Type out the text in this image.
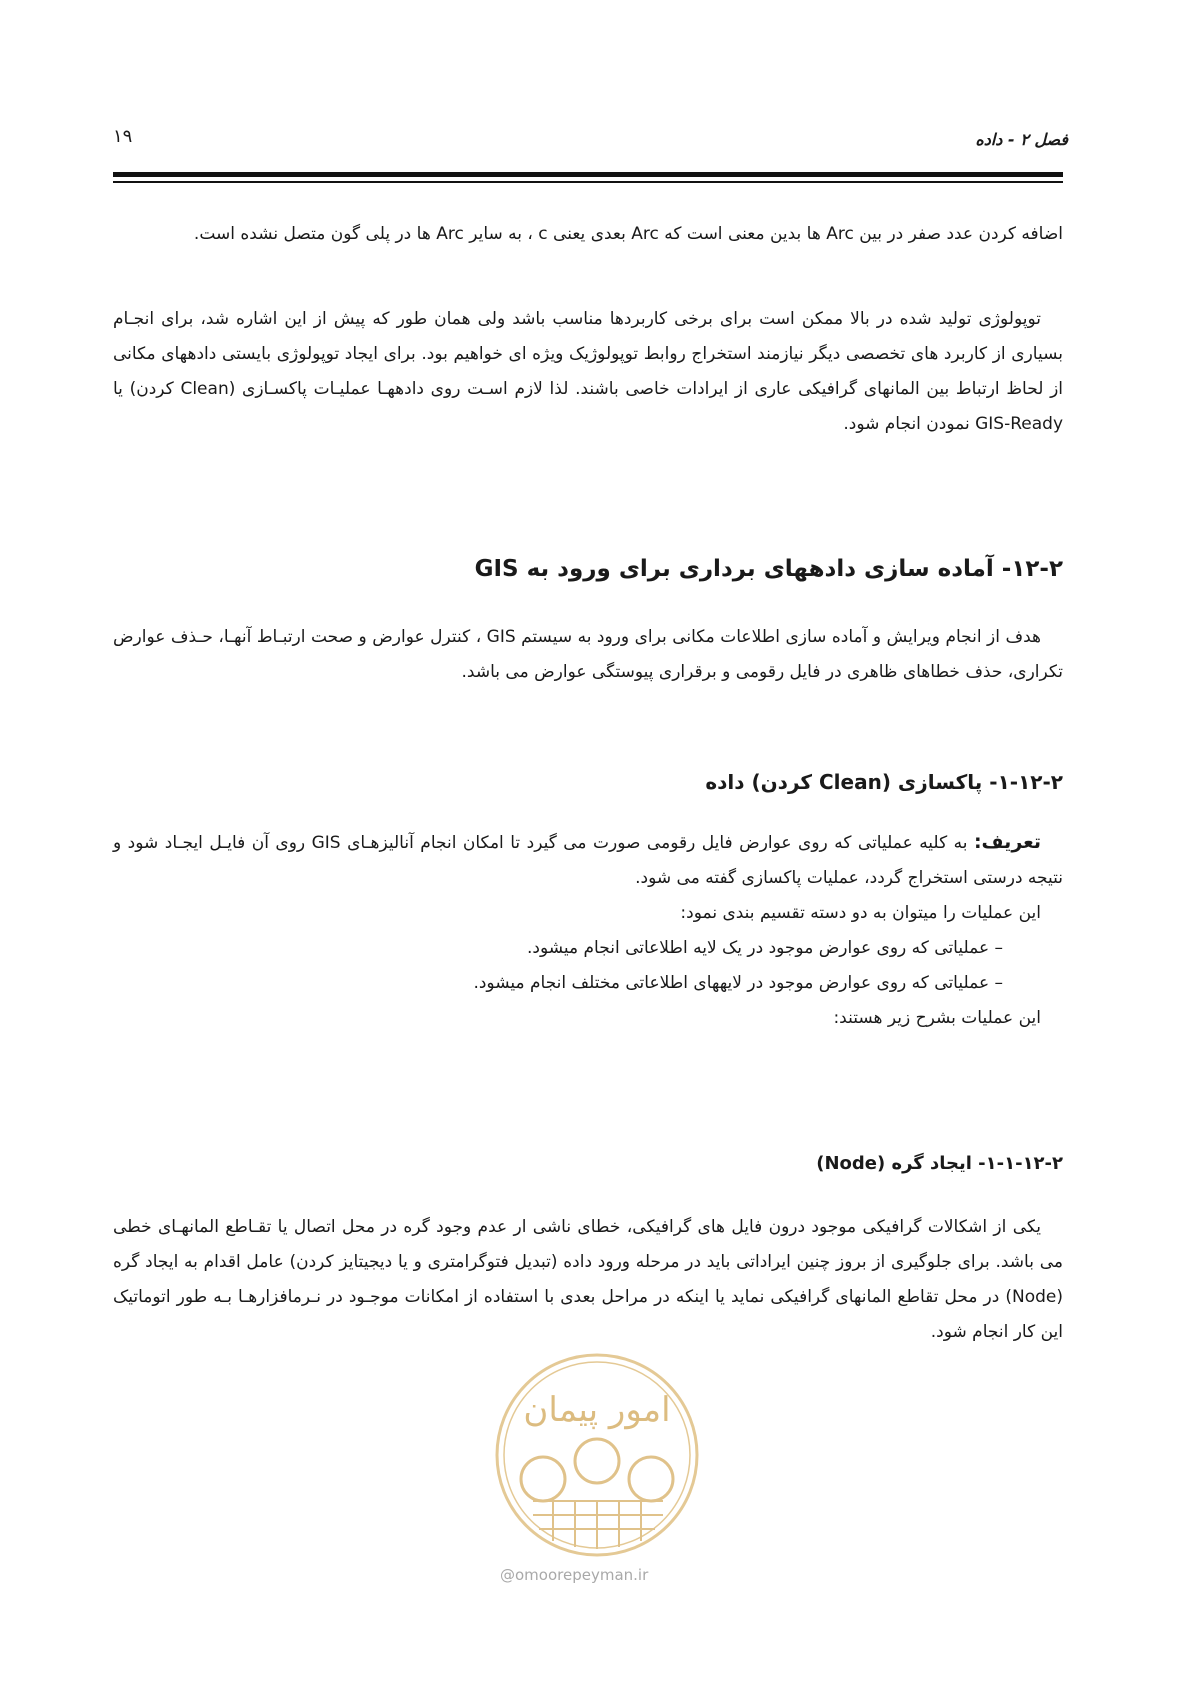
فصل ۲ - داده
۱۹

اضافه کردن عدد صفر در بین Arc ها بدین معنی است که Arc بعدی یعنی c ، به سایر Arc ها در پلی گون متصل نشده است.

توپولوژی تولید شده در بالا ممکن است برای برخی کاربردها مناسب باشد ولی همان طور که پیش از این اشاره شد، برای انجـام بسیاری از کاربرد های تخصصی دیگر نیازمند استخراج روابط توپولوژیک ویژه ای خواهیم بود. برای ایجاد توپولوژی بایستی دادههای مکانی از لحاظ ارتباط بین المانهای گرافیکی عاری از ایرادات خاصی باشند. لذا لازم اسـت روی دادههـا عملیـات پاکسـازی (Clean کردن) یا GIS-Ready نمودن انجام شود.

۱۲-۲- آماده سازی دادههای برداری برای ورود به GIS

هدف از انجام ویرایش و آماده سازی اطلاعات مکانی برای ورود به سیستم GIS ، کنترل عوارض و صحت ارتبـاط آنهـا، حـذف عوارض تکراری، حذف خطاهای ظاهری در فایل رقومی و برقراری پیوستگی عوارض می باشد.

۱-۱۲-۲- پاکسازی (Clean کردن) داده

تعریف: به کلیه عملیاتی که روی عوارض فایل رقومی صورت می گیرد تا امکان انجام آنالیزهـای GIS روی آن فایـل ایجـاد شود و نتیجه درستی استخراج گردد، عملیات پاکسازی گفته می شود.

این عملیات را میتوان به دو دسته تقسیم بندی نمود:

– عملیاتی که روی عوارض موجود در یک لایه اطلاعاتی انجام میشود.

– عملیاتی که روی عوارض موجود در لایههای اطلاعاتی مختلف انجام میشود.

این عملیات بشرح زیر هستند:

۱-۱-۱۲-۲- ایجاد گره (Node)

یکی از اشکالات گرافیکی موجود درون فایل های گرافیکی، خطای ناشی ار عدم وجود گره در محل اتصال یا تقـاطع المانهـای خطی می باشد. برای جلوگیری از بروز چنین ایراداتی باید در مرحله ورود داده (تبدیل فتوگرامتری و یا دیجیتایز کردن) عامل اقدام به ایجاد گره (Node) در محل تقاطع المانهای گرافیکی نماید یا اینکه در مراحل بعدی با استفاده از امکانات موجـود در نـرمافزارهـا بـه طور اتوماتیک این کار انجام شود.

امور پیمان
@omoorepeyman.ir
